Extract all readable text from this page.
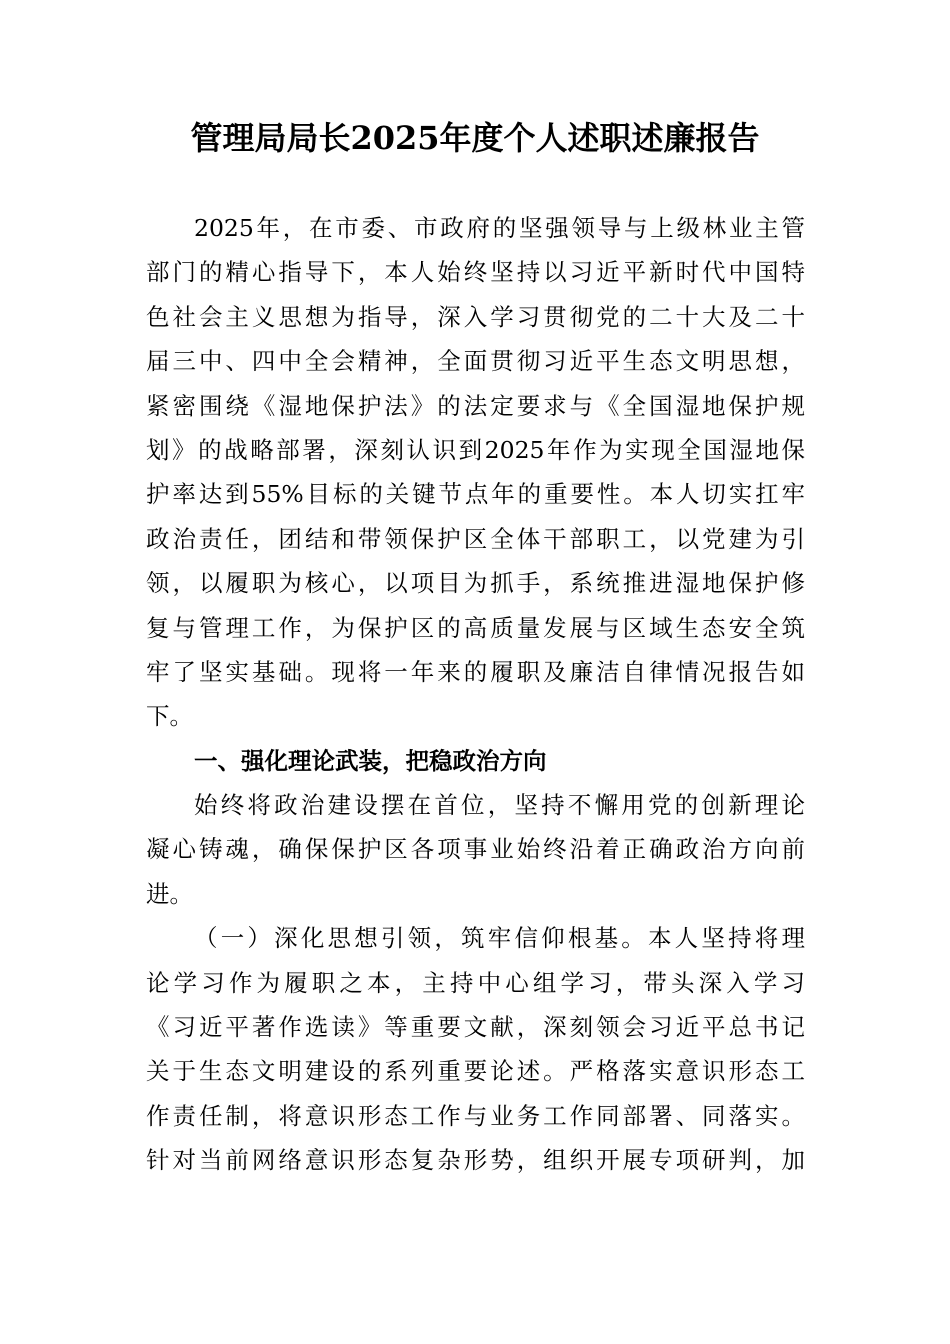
管理局局长2025年度个人述职述廉报告
2025年，在市委、市政府的坚强领导与上级林业主管
部门的精心指导下，本人始终坚持以习近平新时代中国特
色社会主义思想为指导，深入学习贯彻党的二十大及二十
届三中、四中全会精神，全面贯彻习近平生态文明思想，
紧密围绕《湿地保护法》的法定要求与《全国湿地保护规
划》的战略部署，深刻认识到2025年作为实现全国湿地保
护率达到55%目标的关键节点年的重要性。本人切实扛牢
政治责任，团结和带领保护区全体干部职工，以党建为引
领，以履职为核心，以项目为抓手，系统推进湿地保护修
复与管理工作，为保护区的高质量发展与区域生态安全筑
牢了坚实基础。现将一年来的履职及廉洁自律情况报告如
下。
一、强化理论武装，把稳政治方向
始终将政治建设摆在首位，坚持不懈用党的创新理论
凝心铸魂，确保保护区各项事业始终沿着正确政治方向前
进。
（一）深化思想引领，筑牢信仰根基。本人坚持将理
论学习作为履职之本，主持中心组学习，带头深入学习
《习近平著作选读》等重要文献，深刻领会习近平总书记
关于生态文明建设的系列重要论述。严格落实意识形态工
作责任制，将意识形态工作与业务工作同部署、同落实。
针对当前网络意识形态复杂形势，组织开展专项研判，加
